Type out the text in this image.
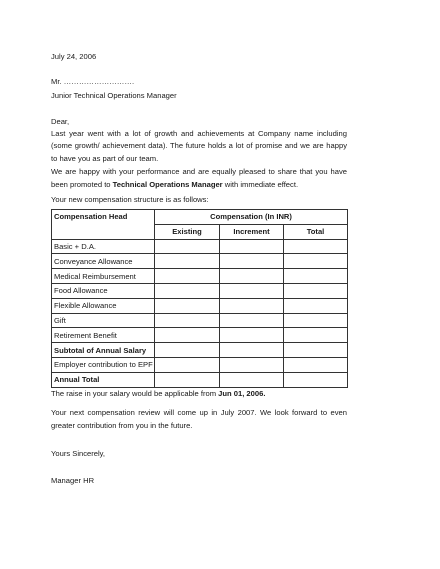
July 24, 2006
Mr. ……………………….
Junior Technical Operations Manager
Dear,
Last year went with a lot of growth and achievements at Company name including
(some growth/ achievement data). The future holds a lot of promise and we are happy
to have you as part of our team.
We are happy with your performance and are equally pleased to share that you have
been promoted to Technical Operations Manager with immediate effect.
Your new compensation structure is as follows:
Compensation Head	Compensation (In INR)		
	Existing	Increment	Total
Basic + D.A.			
Conveyance Allowance			
Medical Reimbursement			
Food Allowance			
Flexible Allowance			
Gift			
Retirement Benefit			
Subtotal of Annual Salary			
Employer contribution to EPF			
Annual Total			
The raise in your salary would be applicable from Jun 01, 2006.
Your next compensation review will come up in July 2007. We look forward to even
greater contribution from you in the future.
Yours Sincerely,
Manager HR
